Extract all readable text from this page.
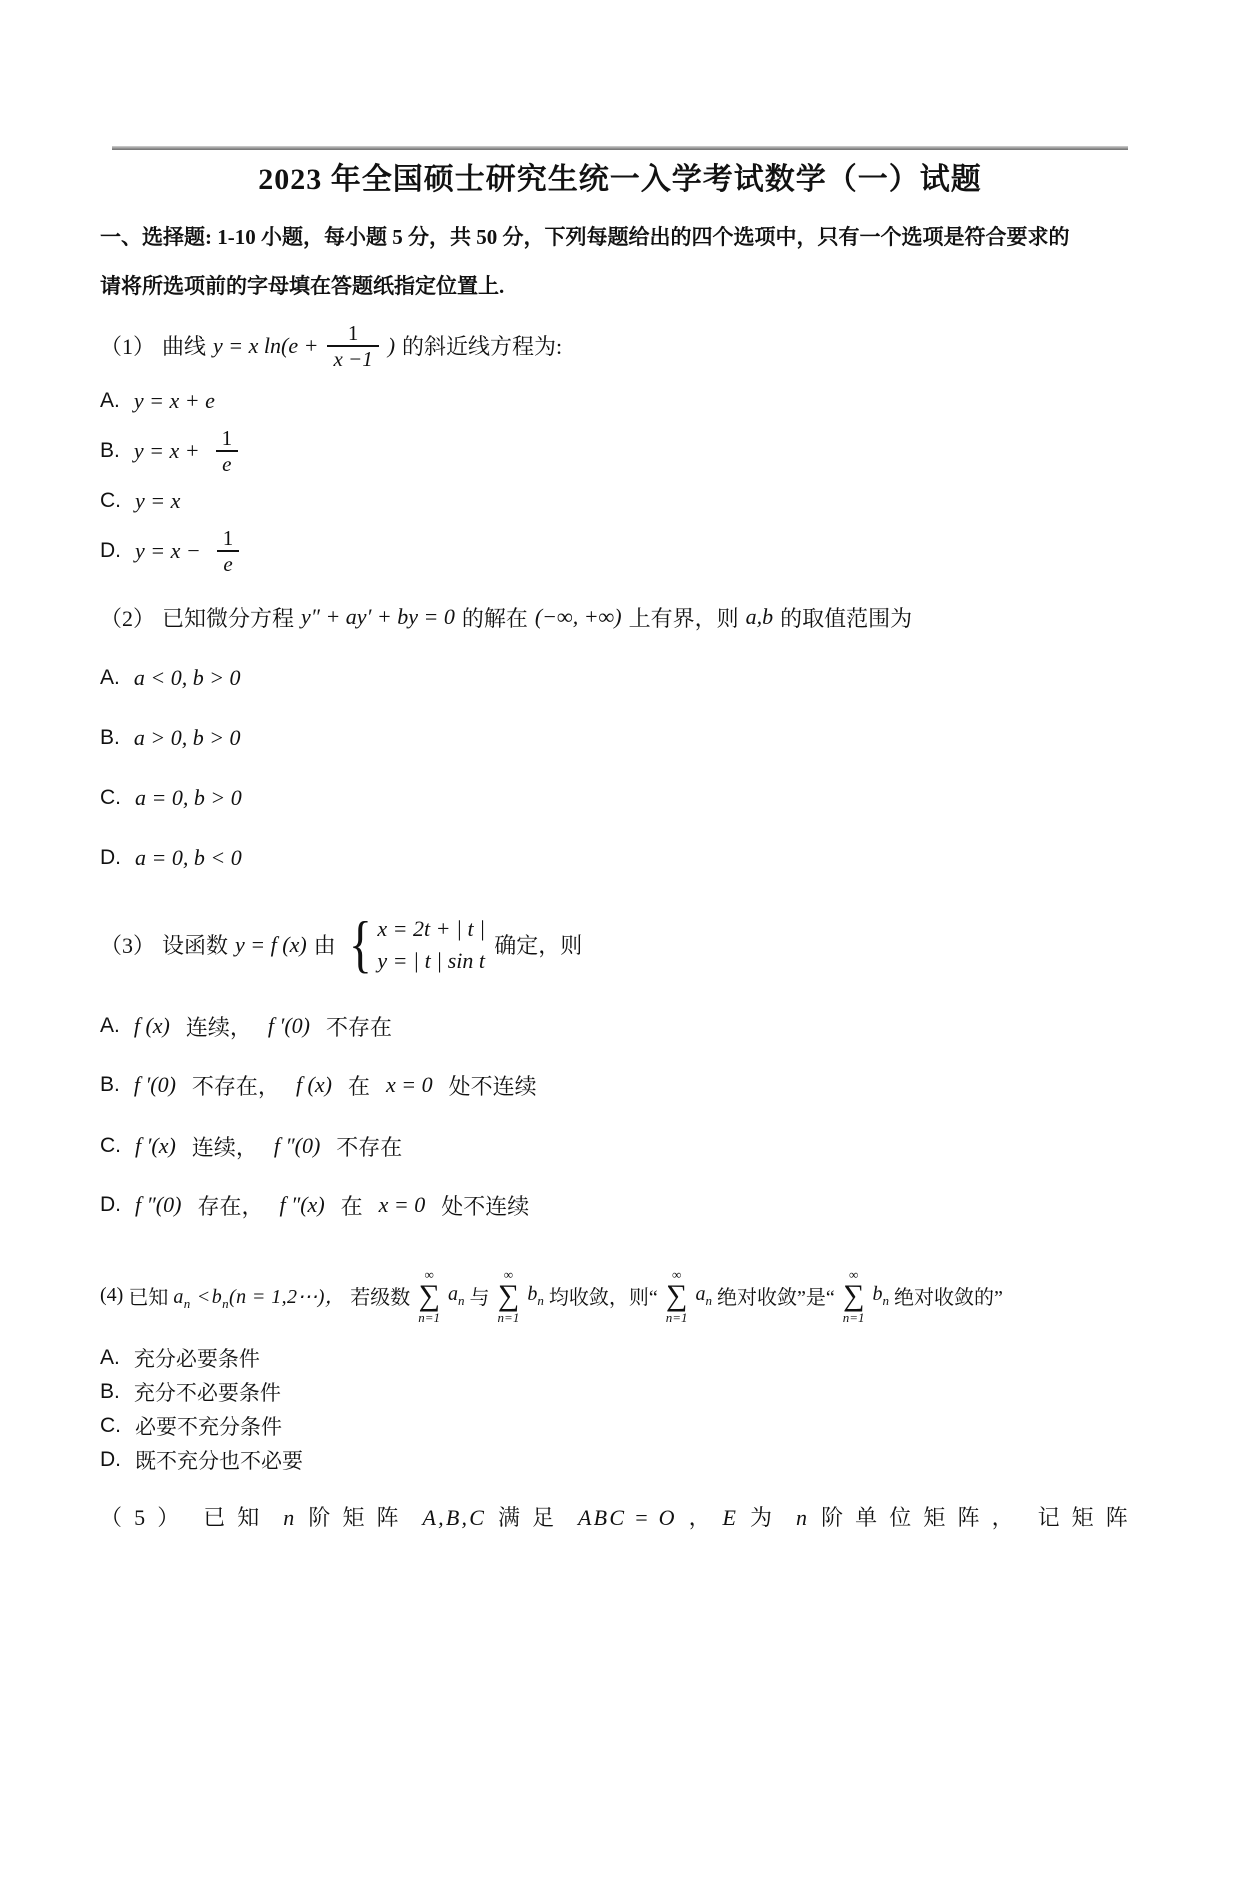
2023 年全国硕士研究生统一入学考试数学（一）试题

一、选择题: 1-10 小题，每小题 5 分，共 50 分，下列每题给出的四个选项中，只有一个选项是符合要求的

请将所选项前的字母填在答题纸指定位置上.

（1） 曲线 y = x $\ln(e + \frac{1}{x -1}$ ) 的斜近线方程为:
A. y = x + e
B. $y = x + \frac{1}{e}$
C. y = x
D. $y = x - \frac{1}{e}$
（2） 已知微分方程 y″ + ay′ + by = 0 的解在 (−∞, +∞) 上有界，则 a,b 的取值范围为
A. a < 0, b > 0
B. a > 0, b > 0
C. a = 0, b > 0
D. a = 0, b < 0
（3） 设函数 y = f (x) 由 { x = 2t + | t |
y = | t | sin t
确定，则
A. f (x) 连续， f ′(0) 不存在
B. f ′(0) 不存在， f (x) 在 x = 0 处不连续
C. f ′(x) 连续， f ″(0) 不存在
D. f ″(0) 存在， f ″(x) 在 x = 0 处不连续
(4) 已知 $a_n < b_n(n$ = 1,2⋯)， 若级数
∞
∑
n=1
$a_n$ 与
∞
∑
n=1
$b_n$ 均收敛，则“
∞
∑
n=1
$a_n$ 绝对收敛”是“
∞
∑
n=1
$b_n$ 绝对收敛的”
A. 充分必要条件
B. 充分不必要条件
C. 必要不充分条件
D. 既不充分也不必要
（5） 已知 n 阶矩阵 A,B,C 满足 ABC = O ， E 为 n 阶单位矩阵， 记矩阵
